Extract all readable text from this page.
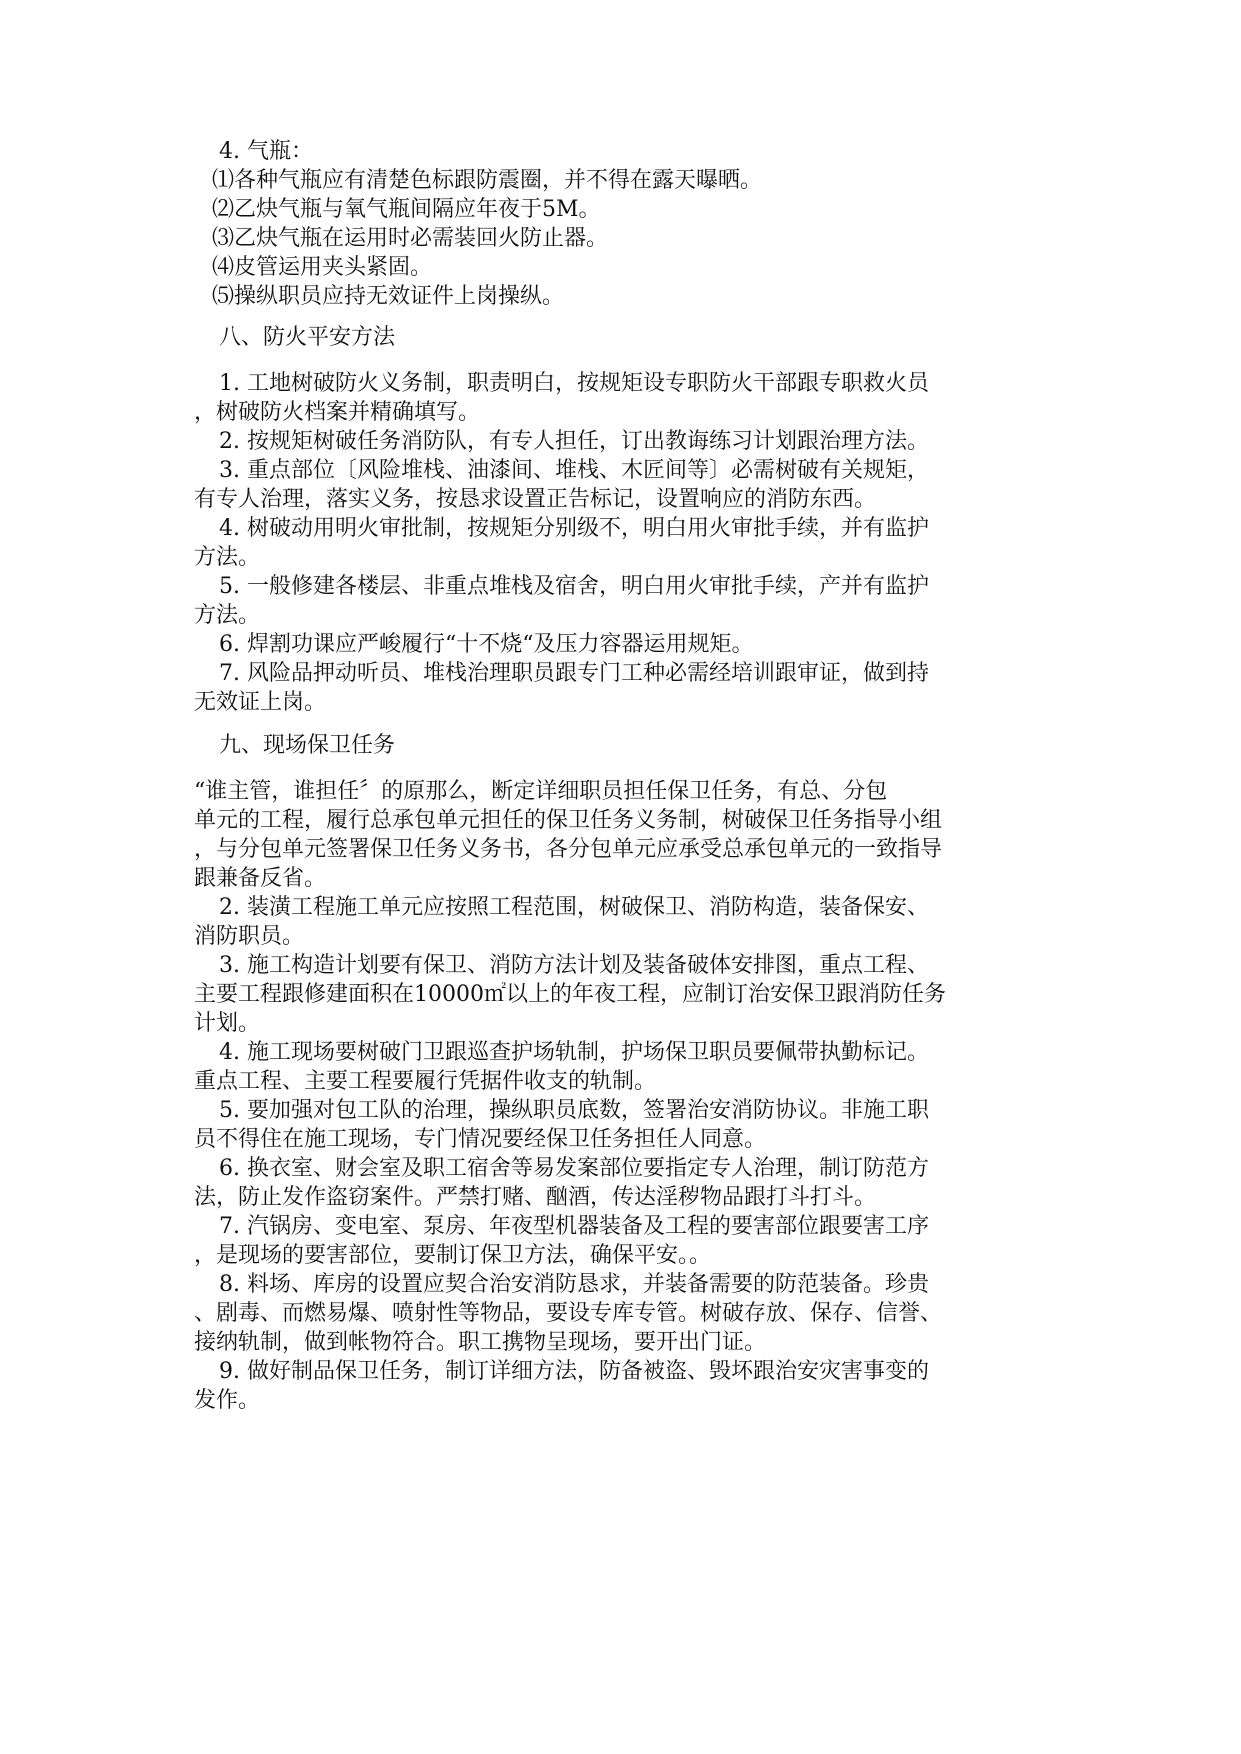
4. 气瓶：

⑴各种气瓶应有清楚色标跟防震圈，并不得在露天曝晒。

⑵乙炔气瓶与氧气瓶间隔应年夜于5M。

⑶乙炔气瓶在运用时必需装回火防止器。

⑷皮管运用夹头紧固。

⑸操纵职员应持无效证件上岗操纵。

八、防火平安方法

1. 工地树破防火义务制，职责明白，按规矩设专职防火干部跟专职救火员

，树破防火档案并精确填写。

2. 按规矩树破任务消防队，有专人担任，订出教诲练习计划跟治理方法。

3. 重点部位〔风险堆栈、油漆间、堆栈、木匠间等〕必需树破有关规矩，

有专人治理，落实义务，按恳求设置正告标记，设置响应的消防东西。

4. 树破动用明火审批制，按规矩分别级不，明白用火审批手续，并有监护

方法。

5. 一般修建各楼层、非重点堆栈及宿舍，明白用火审批手续，产并有监护

方法。

6. 焊割功课应严峻履行“十不烧“及压力容器运用规矩。

7. 风险品押动听员、堆栈治理职员跟专门工种必需经培训跟审证，做到持

无效证上岗。

九、现场保卫任务

“谁主管，谁担任〞的原那么，断定详细职员担任保卫任务，有总、分包

单元的工程，履行总承包单元担任的保卫任务义务制，树破保卫任务指导小组

，与分包单元签署保卫任务义务书，各分包单元应承受总承包单元的一致指导

跟兼备反省。

2. 装潢工程施工单元应按照工程范围，树破保卫、消防构造，装备保安、

消防职员。

3. 施工构造计划要有保卫、消防方法计划及装备破体安排图，重点工程、

主要工程跟修建面积在10000㎡以上的年夜工程，应制订治安保卫跟消防任务

计划。

4. 施工现场要树破门卫跟巡查护场轨制，护场保卫职员要佩带执勤标记。

重点工程、主要工程要履行凭据件收支的轨制。

5. 要加强对包工队的治理，操纵职员底数，签署治安消防协议。非施工职

员不得住在施工现场，专门情况要经保卫任务担任人同意。

6. 换衣室、财会室及职工宿舍等易发案部位要指定专人治理，制订防范方

法，防止发作盗窃案件。严禁打赌、酗酒，传达淫秽物品跟打斗打斗。

7. 汽锅房、变电室、泵房、年夜型机器装备及工程的要害部位跟要害工序

，是现场的要害部位，要制订保卫方法，确保平安。。

8. 料场、库房的设置应契合治安消防恳求，并装备需要的防范装备。珍贵

、剧毒、而燃易爆、喷射性等物品，要设专库专管。树破存放、保存、信誉、

接纳轨制，做到帐物符合。职工携物呈现场，要开出门证。

9. 做好制品保卫任务，制订详细方法，防备被盗、毁坏跟治安灾害事变的

发作。
